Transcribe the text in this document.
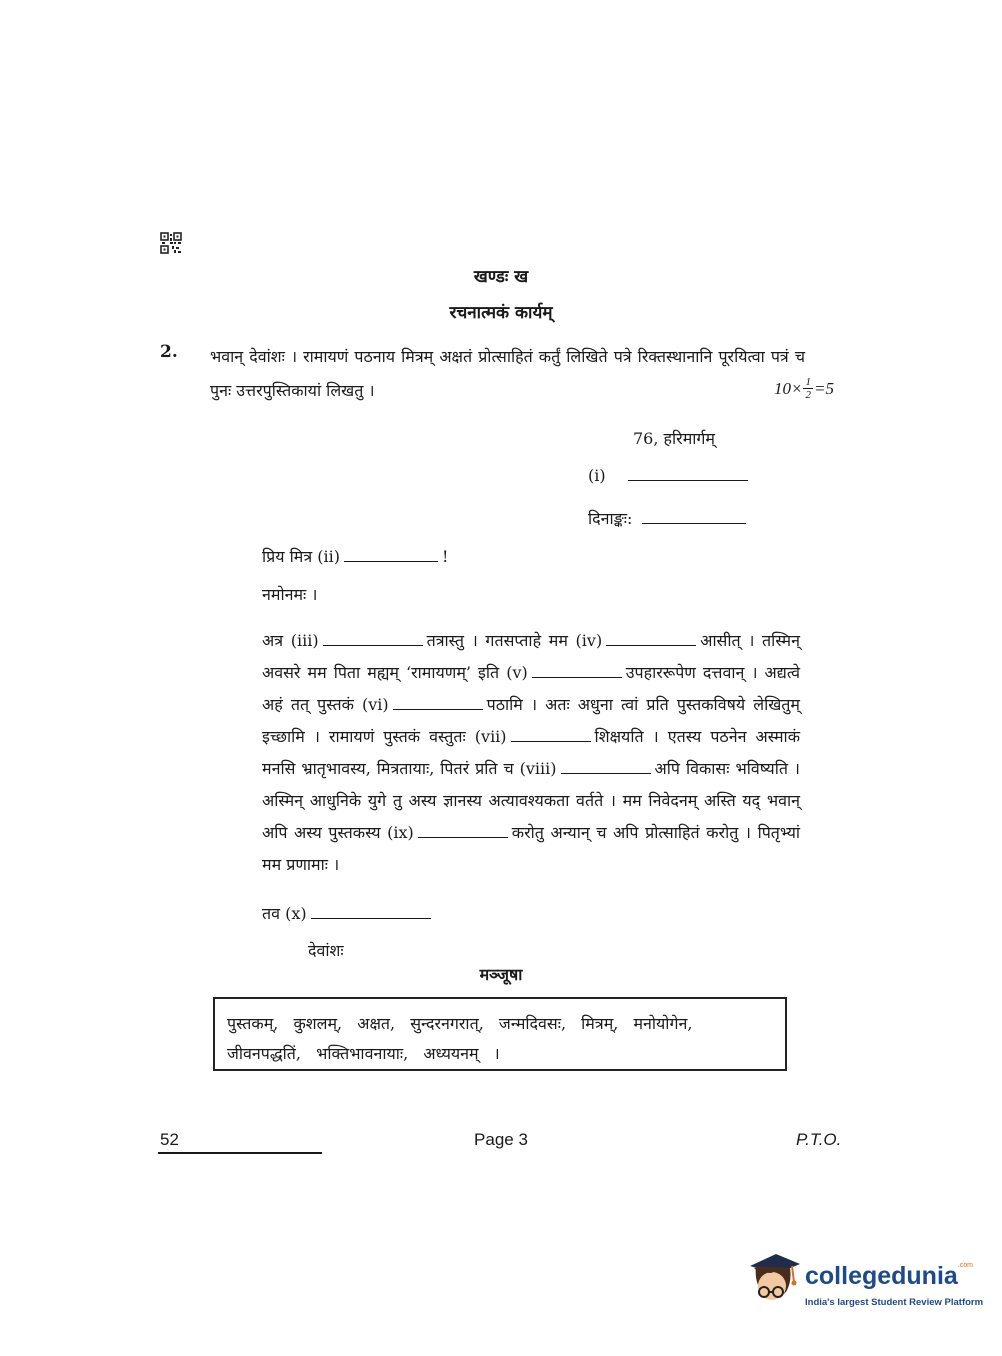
खण्डः ख
रचनात्मकं कार्यम्
2. भवान् देवांशः । रामायणं पठनाय मित्रम् अक्षतं प्रोत्साहितं कर्तुं लिखिते पत्रे रिक्तस्थानानि पूरयित्वा पत्रं च पुनः उत्तरपुस्तिकायां लिखतु ।	$10\times \frac{1}{2} =5$
76, हरिमार्गम्
(i)
दिनाङ्कः:
प्रिय मित्र (ii)	!
नमोनमः ।
अत्र (iii)	तत्रास्तु । गतसप्ताहे मम (iv)	आसीत् । तस्मिन् अवसरे मम पिता मह्यम् ‘रामायणम्’ इति (v)	उपहाररूपेण दत्तवान् । अद्यत्वे अहं तत् पुस्तकं (vi)	पठामि । अतः अधुना त्वां प्रति पुस्तकविषये लेखितुम् इच्छामि । रामायणं पुस्तकं वस्तुतः (vii)	शिक्षयति । एतस्य पठनेन अस्माकं मनसि भ्रातृभावस्य, मित्रतायाः, पितरं प्रति च (viii)	अपि विकासः भविष्यति । अस्मिन् आधुनिके युगे तु अस्य ज्ञानस्य अत्यावश्यकता वर्तते । मम निवेदनम् अस्ति यद् भवान् अपि अस्य पुस्तकस्य (ix)	करोतु अन्यान् च अपि प्रोत्साहितं करोतु । पितृभ्यां मम प्रणामाः ।
तव (x)
देवांशः
मञ्जूषा
पुस्तकम्, कुशलम्, अक्षत, सुन्दरनगरात्, जन्मदिवसः, मित्रम्, मनोयोगेन, जीवनपद्धतिं, भक्तिभावनायाः, अध्ययनम् ।
52	Page 3	P.T.O.
collegedunia$^{.com}$
India's largest Student Review Platform
